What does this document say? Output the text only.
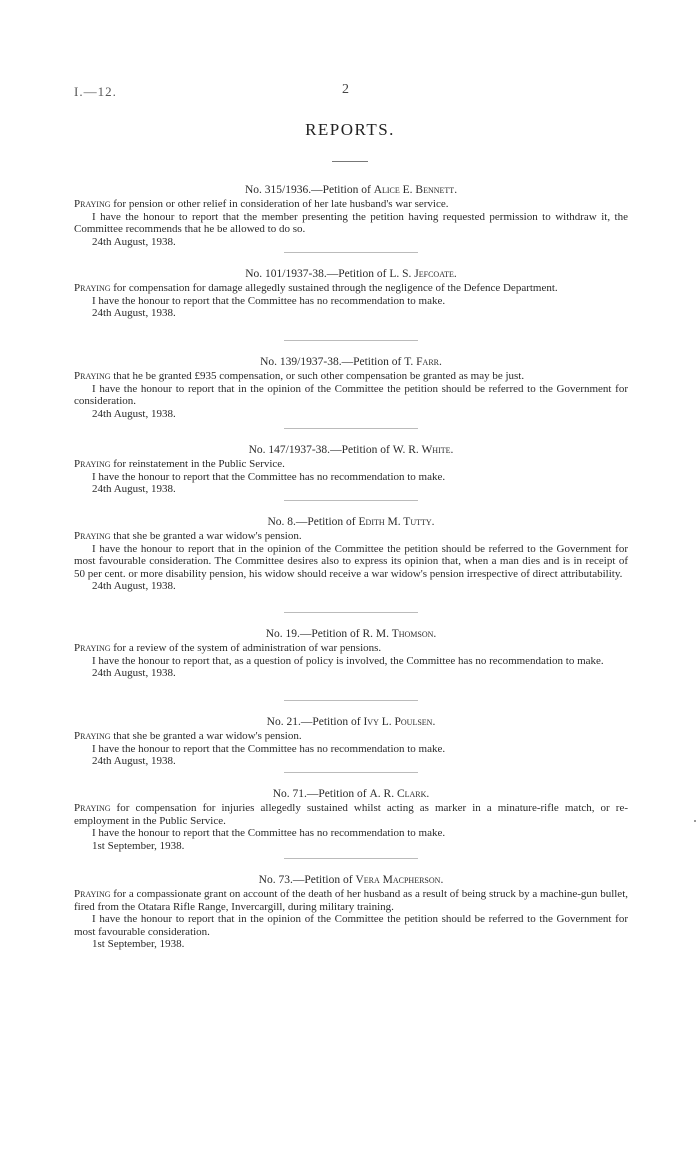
I.—12.	2
REPORTS.
No. 315/1936.—Petition of Alice E. Bennett.
Praying for pension or other relief in consideration of her late husband's war service.
I have the honour to report that the member presenting the petition having requested permission to withdraw it, the Committee recommends that he be allowed to do so.
24th August, 1938.
No. 101/1937-38.—Petition of L. S. Jefcoate.
Praying for compensation for damage allegedly sustained through the negligence of the Defence Department.
I have the honour to report that the Committee has no recommendation to make.
24th August, 1938.
No. 139/1937-38.—Petition of T. Farr.
Praying that he be granted £935 compensation, or such other compensation be granted as may be just.
I have the honour to report that in the opinion of the Committee the petition should be referred to the Government for consideration.
24th August, 1938.
No. 147/1937-38.—Petition of W. R. White.
Praying for reinstatement in the Public Service.
I have the honour to report that the Committee has no recommendation to make.
24th August, 1938.
No. 8.—Petition of Edith M. Tutty.
Praying that she be granted a war widow's pension.
I have the honour to report that in the opinion of the Committee the petition should be referred to the Government for most favourable consideration. The Committee desires also to express its opinion that, when a man dies and is in receipt of 50 per cent. or more disability pension, his widow should receive a war widow's pension irrespective of direct attributability.
24th August, 1938.
No. 19.—Petition of R. M. Thomson.
Praying for a review of the system of administration of war pensions.
I have the honour to report that, as a question of policy is involved, the Committee has no recommendation to make.
24th August, 1938.
No. 21.—Petition of Ivy L. Poulsen.
Praying that she be granted a war widow's pension.
I have the honour to report that the Committee has no recommendation to make.
24th August, 1938.
No. 71.—Petition of A. R. Clark.
Praying for compensation for injuries allegedly sustained whilst acting as marker in a minature-rifle match, or re-employment in the Public Service.
I have the honour to report that the Committee has no recommendation to make.
1st September, 1938.
No. 73.—Petition of Vera Macpherson.
Praying for a compassionate grant on account of the death of her husband as a result of being struck by a machine-gun bullet, fired from the Otatara Rifle Range, Invercargill, during military training.
I have the honour to report that in the opinion of the Committee the petition should be referred to the Government for most favourable consideration.
1st September, 1938.
